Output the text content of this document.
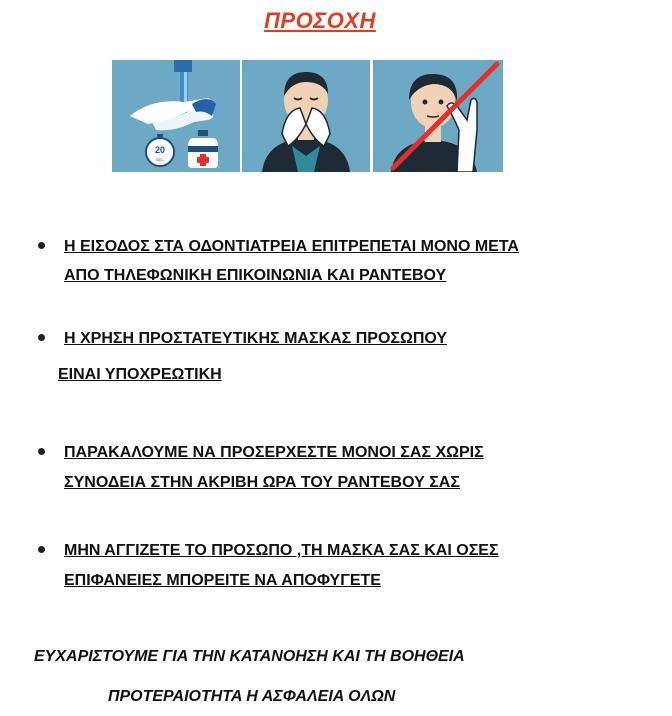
ΠΡΟΣΟΧΗ
20
SEC
Η ΕΙΣΟΔΟΣ ΣΤΑ ΟΔΟΝΤΙΑΤΡΕΙΑ ΕΠΙΤΡΕΠΕΤΑΙ ΜΟΝΟ ΜΕΤΑ
ΑΠΟ ΤΗΛΕΦΩΝΙΚΗ ΕΠΙΚΟΙΝΩΝΙΑ ΚΑΙ ΡΑΝΤΕΒΟΥ
Η ΧΡΗΣΗ ΠΡΟΣΤΑΤΕΥΤΙΚΗΣ ΜΑΣΚΑΣ ΠΡΟΣΩΠΟΥ
ΕΙΝΑΙ ΥΠΟΧΡΕΩΤΙΚΗ
ΠΑΡΑΚΑΛΟΥΜΕ ΝΑ ΠΡΟΣΕΡΧΕΣΤΕ ΜΟΝΟΙ ΣΑΣ ΧΩΡΙΣ
ΣΥΝΟΔΕΙΑ ΣΤΗΝ ΑΚΡΙΒΗ ΩΡΑ ΤΟΥ ΡΑΝΤΕΒΟΥ ΣΑΣ
ΜΗΝ ΑΓΓΙΖΕΤΕ ΤΟ ΠΡΟΣΩΠΟ ,ΤΗ ΜΑΣΚΑ ΣΑΣ ΚΑΙ ΟΣΕΣ
ΕΠΙΦΑΝΕΙΕΣ ΜΠΟΡΕΙΤΕ ΝΑ ΑΠΟΦΥΓΕΤΕ
ΕΥΧΑΡΙΣΤΟΥΜΕ ΓΙΑ ΤΗΝ ΚΑΤΑΝΟΗΣΗ ΚΑΙ ΤΗ ΒΟΗΘΕΙΑ
ΠΡΟΤΕΡΑΙΟΤΗΤΑ Η ΑΣΦΑΛΕΙΑ ΟΛΩΝ
